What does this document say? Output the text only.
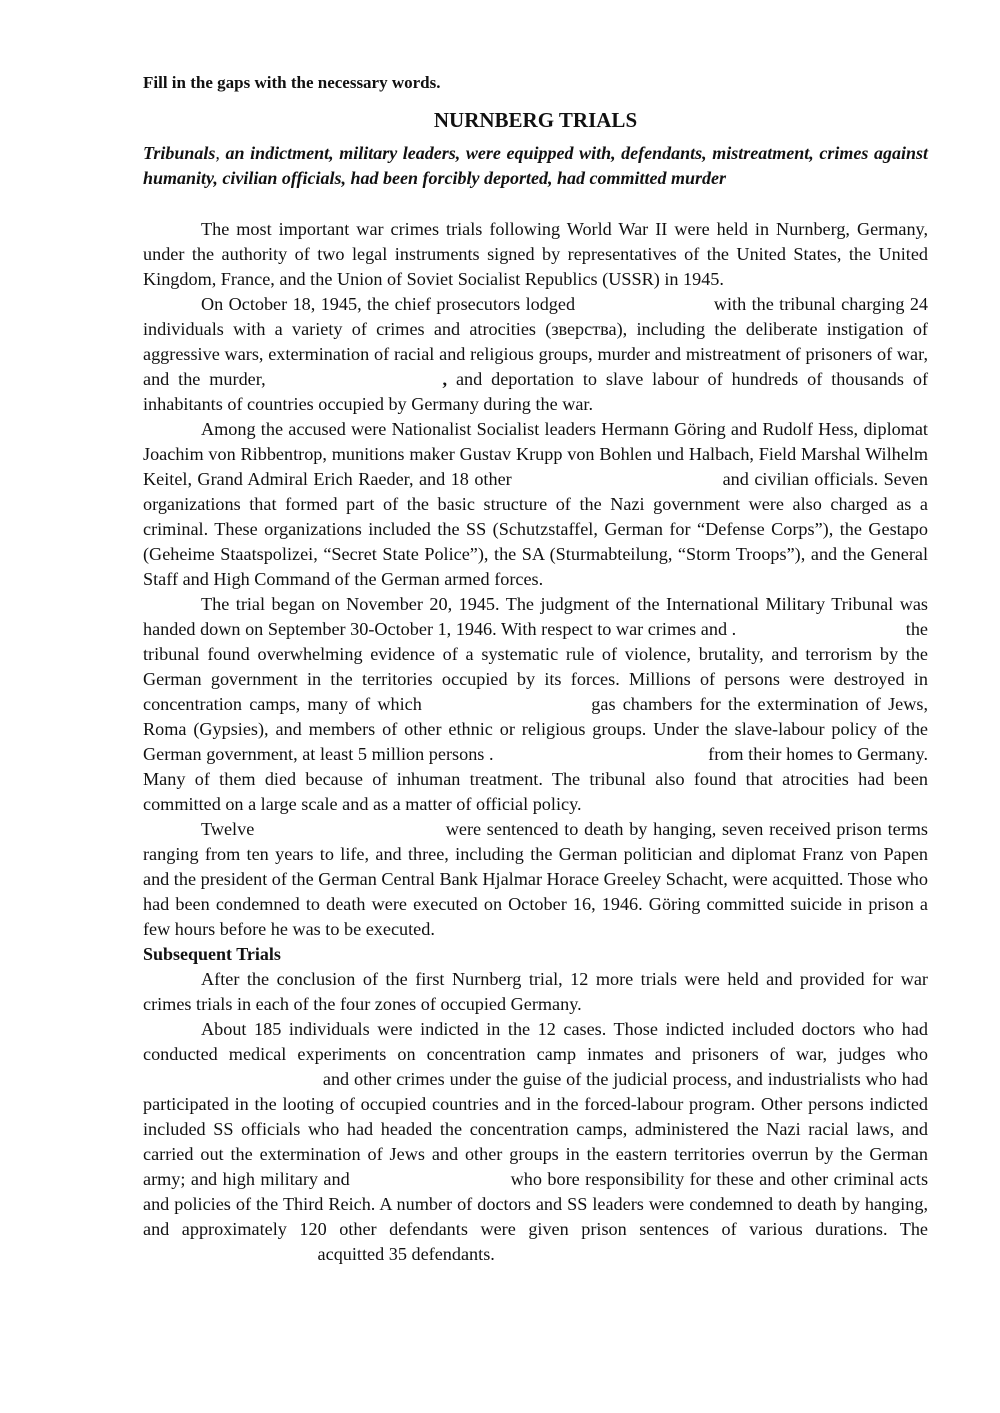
Fill in the gaps with the necessary words.

NURNBERG TRIALS

Tribunals, an indictment, military leaders, were equipped with, defendants, mistreatment, crimes against humanity, civilian officials, had been forcibly deported, had committed murder

The most important war crimes trials following World War II were held in Nurnberg, Germany, under the authority of two legal instruments signed by representatives of the United States, the United Kingdom, France, and the Union of Soviet Socialist Republics (USSR) in 1945.

On October 18, 1945, the chief prosecutors lodged	with the tribunal charging 24 individuals with a variety of crimes and atrocities (зверства), including the deliberate instigation of aggressive wars, extermination of racial and religious groups, murder and mistreatment of prisoners of war, and the murder,	, and deportation to slave labour of hundreds of thousands of inhabitants of countries occupied by Germany during the war.

Among the accused were Nationalist Socialist leaders Hermann Göring and Rudolf Hess, diplomat Joachim von Ribbentrop, munitions maker Gustav Krupp von Bohlen und Halbach, Field Marshal Wilhelm Keitel, Grand Admiral Erich Raeder, and 18 other	and civilian officials. Seven organizations that formed part of the basic structure of the Nazi government were also charged as a criminal. These organizations included the SS (Schutzstaffel, German for “Defense Corps”), the Gestapo (Geheime Staatspolizei, “Secret State Police”), the SA (Sturmabteilung, “Storm Troops”), and the General Staff and High Command of the German armed forces.

The trial began on November 20, 1945. The judgment of the International Military Tribunal was handed down on September 30-October 1, 1946. With respect to war crimes and .	the tribunal found overwhelming evidence of a systematic rule of violence, brutality, and terrorism by the German government in the territories occupied by its forces. Millions of persons were destroyed in concentration camps, many of which	gas chambers for the extermination of Jews, Roma (Gypsies), and members of other ethnic or religious groups. Under the slave-labour policy of the German government, at least 5 million persons .	from their homes to Germany. Many of them died because of inhuman treatment. The tribunal also found that atrocities had been committed on a large scale and as a matter of official policy.

Twelve	were sentenced to death by hanging, seven received prison terms ranging from ten years to life, and three, including the German politician and diplomat Franz von Papen and the president of the German Central Bank Hjalmar Horace Greeley Schacht, were acquitted. Those who had been condemned to death were executed on October 16, 1946. Göring committed suicide in prison a few hours before he was to be executed.

Subsequent Trials

After the conclusion of the first Nurnberg trial, 12 more trials were held and provided for war crimes trials in each of the four zones of occupied Germany.

About 185 individuals were indicted in the 12 cases. Those indicted included doctors who had conducted medical experiments on concentration camp inmates and prisoners of war, judges who  and other crimes under the guise of the judicial process, and industrialists who had participated in the looting of occupied countries and in the forced-labour program. Other persons indicted included SS officials who had headed the concentration camps, administered the Nazi racial laws, and carried out the extermination of Jews and other groups in the eastern territories overrun by the German army; and high military and	who bore responsibility for these and other criminal acts and policies of the Third Reich. A number of doctors and SS leaders were condemned to death by hanging, and approximately 120 other defendants were given prison sentences of various durations. The  acquitted 35 defendants.
